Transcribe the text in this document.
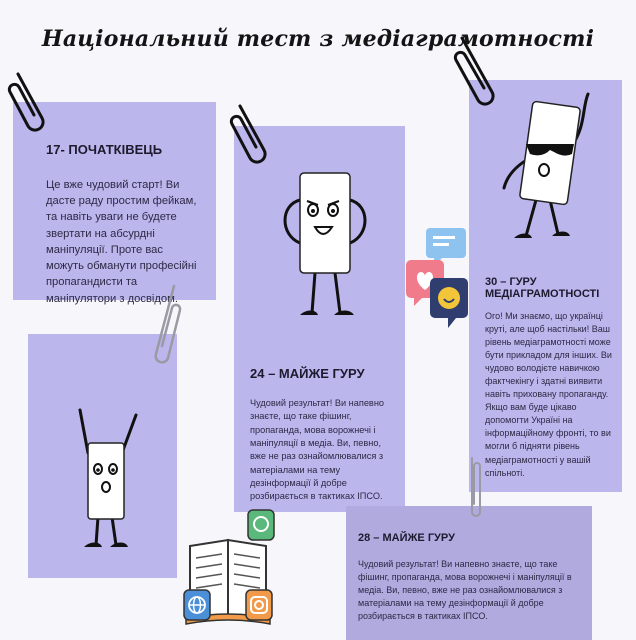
Національний тест з медіаграмотності
17- ПОЧАТКІВЕЦЬ

Це вже чудовий старт! Ви дасте раду простим фейкам, та навіть уваги не будете звертати на абсурдні маніпуляції. Проте вас можуть обманути професійні пропагандисти та маніпулятори з досвідом.

24 – МАЙЖЕ ГУРУ

Чудовий результат! Ви напевно знаєте, що таке фішинг, пропаганда, мова ворожнечі і маніпуляції в медіа. Ви, певно, вже не раз ознайомлювалися з матеріалами на тему дезінформації й добре розбираєтьcя в тактиках ІПСО.

30 – ГУРУ МЕДІАГРАМОТНОСТІ

Ого! Ми знаємо, що українці круті, але щоб настільки! Ваш рівень медіаграмотності може бути прикладом для інших. Ви чудово володієте навичкою фактчекінгу і здатні виявити навіть приховану пропаганду. Якщо вам буде цікаво допомогти Україні на інформаційному фронті, то ви могли б підняти рівень медіаграмотності у вашій спільноті.

28 – МАЙЖЕ ГУРУ

Чудовий результат! Ви напевно знаєте, що таке фішинг, пропаганда, мова ворожнечі і маніпуляції в медіа. Ви, певно, вже не раз ознайомлювалися з матеріалами на тему дезінформації й добре розбираєтьcя в тактиках ІПСО.
